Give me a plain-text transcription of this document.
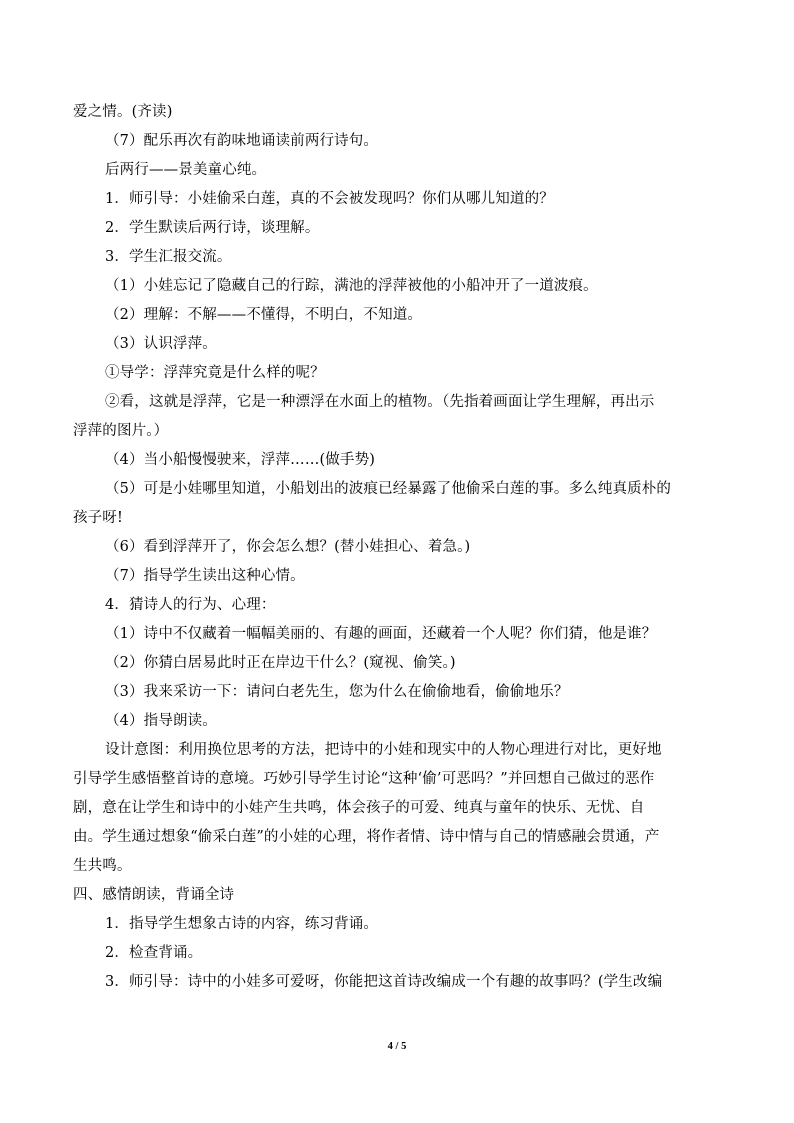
爱之情。(齐读)

（7）配乐再次有韵味地诵读前两行诗句。

后两行——景美童心纯。

1．师引导：小娃偷采白莲，真的不会被发现吗？你们从哪儿知道的？

2．学生默读后两行诗，谈理解。

3．学生汇报交流。

（1）小娃忘记了隐藏自己的行踪，满池的浮萍被他的小船冲开了一道波痕。

（2）理解：不解——不懂得，不明白，不知道。

（3）认识浮萍。

①导学：浮萍究竟是什么样的呢？

②看，这就是浮萍，它是一种漂浮在水面上的植物。（先指着画面让学生理解，再出示

浮萍的图片。）

（4）当小船慢慢驶来，浮萍……(做手势)

（5）可是小娃哪里知道，小船划出的波痕已经暴露了他偷采白莲的事。多么纯真质朴的

孩子呀!

（6）看到浮萍开了，你会怎么想？(替小娃担心、着急。)

（7）指导学生读出这种心情。

4．猜诗人的行为、心理：

（1）诗中不仅藏着一幅幅美丽的、有趣的画面，还藏着一个人呢？你们猜，他是谁？

（2）你猜白居易此时正在岸边干什么？(窥视、偷笑。)

（3）我来采访一下：请问白老先生，您为什么在偷偷地看，偷偷地乐？

（4）指导朗读。

设计意图：利用换位思考的方法，把诗中的小娃和现实中的人物心理进行对比，更好地

引导学生感悟整首诗的意境。巧妙引导学生讨论“这种‘偷’可恶吗？”并回想自己做过的恶作

剧，意在让学生和诗中的小娃产生共鸣，体会孩子的可爱、纯真与童年的快乐、无忧、自

由。学生通过想象“偷采白莲”的小娃的心理，将作者情、诗中情与自己的情感融会贯通，产

生共鸣。

四、感情朗读，背诵全诗

1．指导学生想象古诗的内容，练习背诵。

2．检查背诵。

3．师引导：诗中的小娃多可爱呀，你能把这首诗改编成一个有趣的故事吗？(学生改编

4 / 5
